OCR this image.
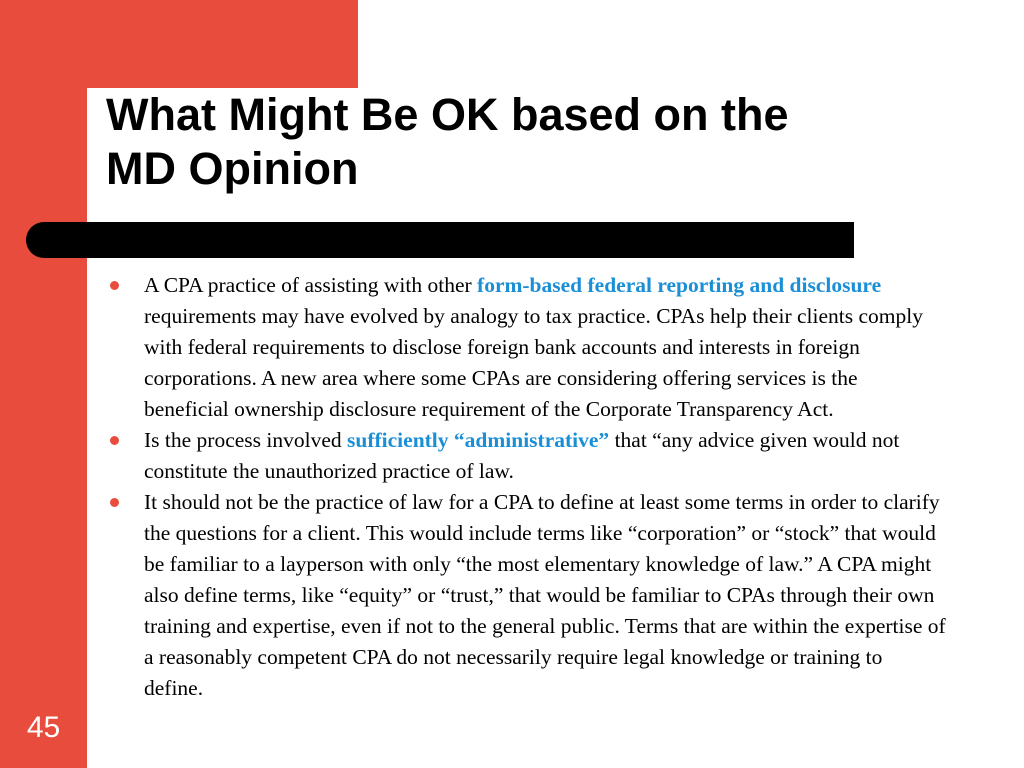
What Might Be OK based on the
MD Opinion
A CPA practice of assisting with other form-based federal reporting and disclosure requirements may have evolved by analogy to tax practice. CPAs help their clients comply with federal requirements to disclose foreign bank accounts and interests in foreign corporations. A new area where some CPAs are considering offering services is the beneficial ownership disclosure requirement of the Corporate Transparency Act.
Is the process involved sufficiently “administrative” that “any advice given would not constitute the unauthorized practice of law.
It should not be the practice of law for a CPA to define at least some terms in order to clarify the questions for a client. This would include terms like “corporation” or “stock” that would be familiar to a layperson with only “the most elementary knowledge of law.” A CPA might also define terms, like “equity” or “trust,” that would be familiar to CPAs through their own training and expertise, even if not to the general public. Terms that are within the expertise of a reasonably competent CPA do not necessarily require legal knowledge or training to define.
45
